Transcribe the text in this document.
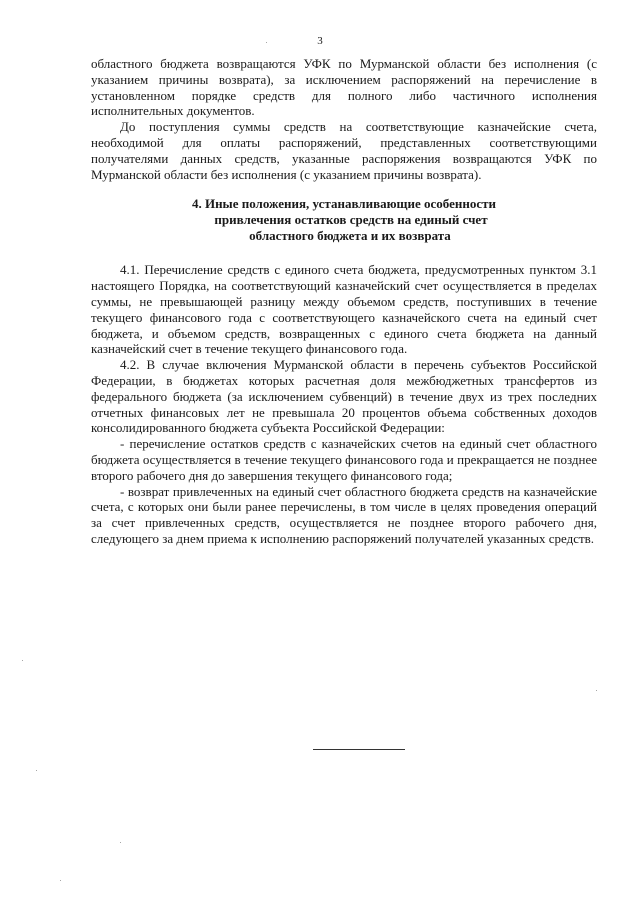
3

областного бюджета возвращаются УФК по Мурманской области без исполнения (с указанием причины возврата), за исключением распоряжений на перечисление в установленном порядке средств для полного либо частичного исполнения исполнительных документов.

До поступления суммы средств на соответствующие казначейские счета, необходимой для оплаты распоряжений, представленных соответствующими получателями данных средств, указанные распоряжения возвращаются УФК по Мурманской области без исполнения (с указанием причины возврата).

4. Иные положения, устанавливающие особенности
привлечения остатков средств на единый счет
областного бюджета и их возврата

4.1. Перечисление средств с единого счета бюджета, предусмотренных пунктом 3.1 настоящего Порядка, на соответствующий казначейский счет осуществляется в пределах суммы, не превышающей разницу между объемом средств, поступивших в течение текущего финансового года с соответствующего казначейского счета на единый счет бюджета, и объемом средств, возвращенных с единого счета бюджета на данный казначейский счет в течение текущего финансового года.

4.2. В случае включения Мурманской области в перечень субъектов Российской Федерации, в бюджетах которых расчетная доля межбюджетных трансфертов из федерального бюджета (за исключением субвенций) в течение двух из трех последних отчетных финансовых лет не превышала 20 процентов объема собственных доходов консолидированного бюджета субъекта Российской Федерации:

- перечисление остатков средств с казначейских счетов на единый счет областного бюджета осуществляется в течение текущего финансового года и прекращается не позднее второго рабочего дня до завершения текущего финансового года;

- возврат привлеченных на единый счет областного бюджета средств на казначейские счета, с которых они были ранее перечислены, в том числе в целях проведения операций за счет привлеченных средств, осуществляется не позднее второго рабочего дня, следующего за днем приема к исполнению распоряжений получателей указанных средств.
